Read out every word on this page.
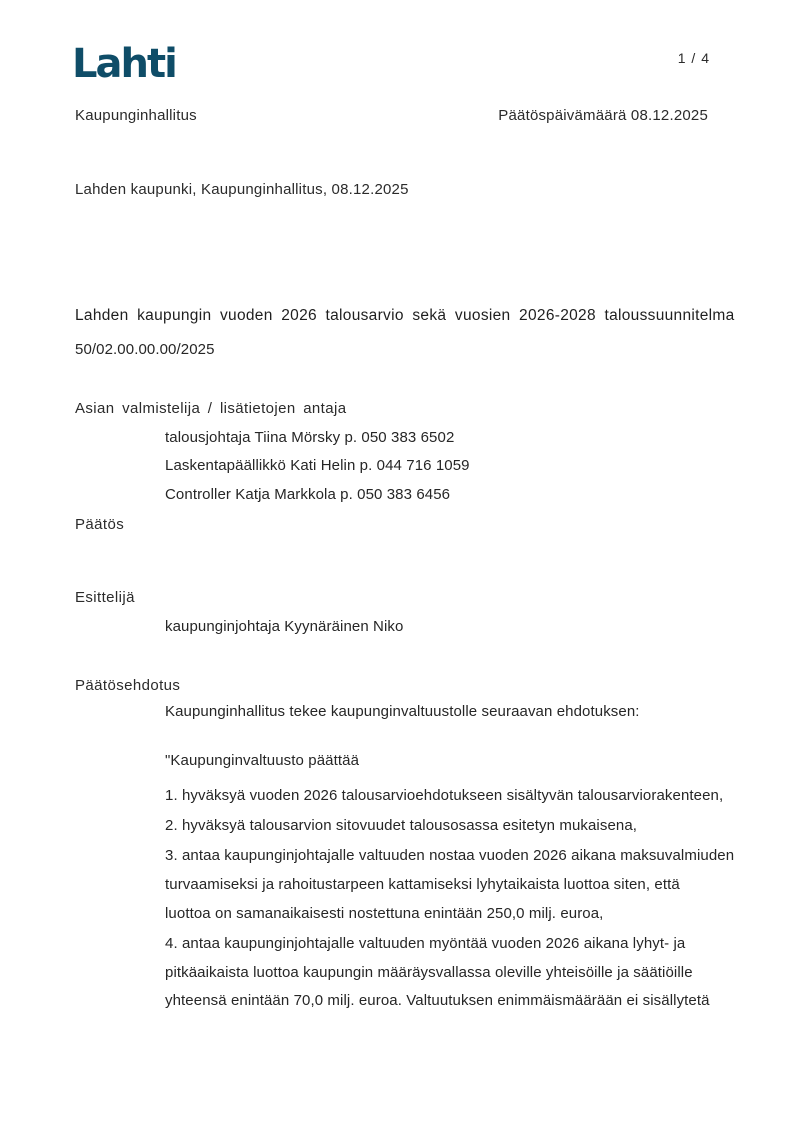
Lahti	1 / 4
Kaupunginhallitus	Päätöspäivämäärä 08.12.2025
Lahden kaupunki, Kaupunginhallitus, 08.12.2025
Lahden kaupungin vuoden 2026 talousarvio sekä vuosien 2026-2028 taloussuunnitelma
50/02.00.00.00/2025
Asian valmistelija / lisätietojen antaja
talousjohtaja Tiina Mörsky p. 050 383 6502
Laskentapäällikkö Kati Helin p. 044 716 1059
Controller Katja Markkola p. 050 383 6456
Päätös
Esittelijä
kaupunginjohtaja Kyynäräinen Niko
Päätösehdotus
Kaupunginhallitus tekee kaupunginvaltuustolle seuraavan ehdotuksen:
"Kaupunginvaltuusto päättää
1. hyväksyä vuoden 2026 talousarvioehdotukseen sisältyvän talousarviorakenteen,
2. hyväksyä talousarvion sitovuudet talousosassa esitetyn mukaisena,
3. antaa kaupunginjohtajalle valtuuden nostaa vuoden 2026 aikana maksuvalmiuden
turvaamiseksi ja rahoitustarpeen kattamiseksi lyhytaikaista luottoa siten, että
luottoa on samanaikaisesti nostettuna enintään 250,0 milj. euroa,
4. antaa kaupunginjohtajalle valtuuden myöntää vuoden 2026 aikana lyhyt- ja
pitkäaikaista luottoa kaupungin määräysvallassa oleville yhteisöille ja säätiöille
yhteensä enintään 70,0 milj. euroa. Valtuutuksen enimmäismäärään ei sisällytetä
